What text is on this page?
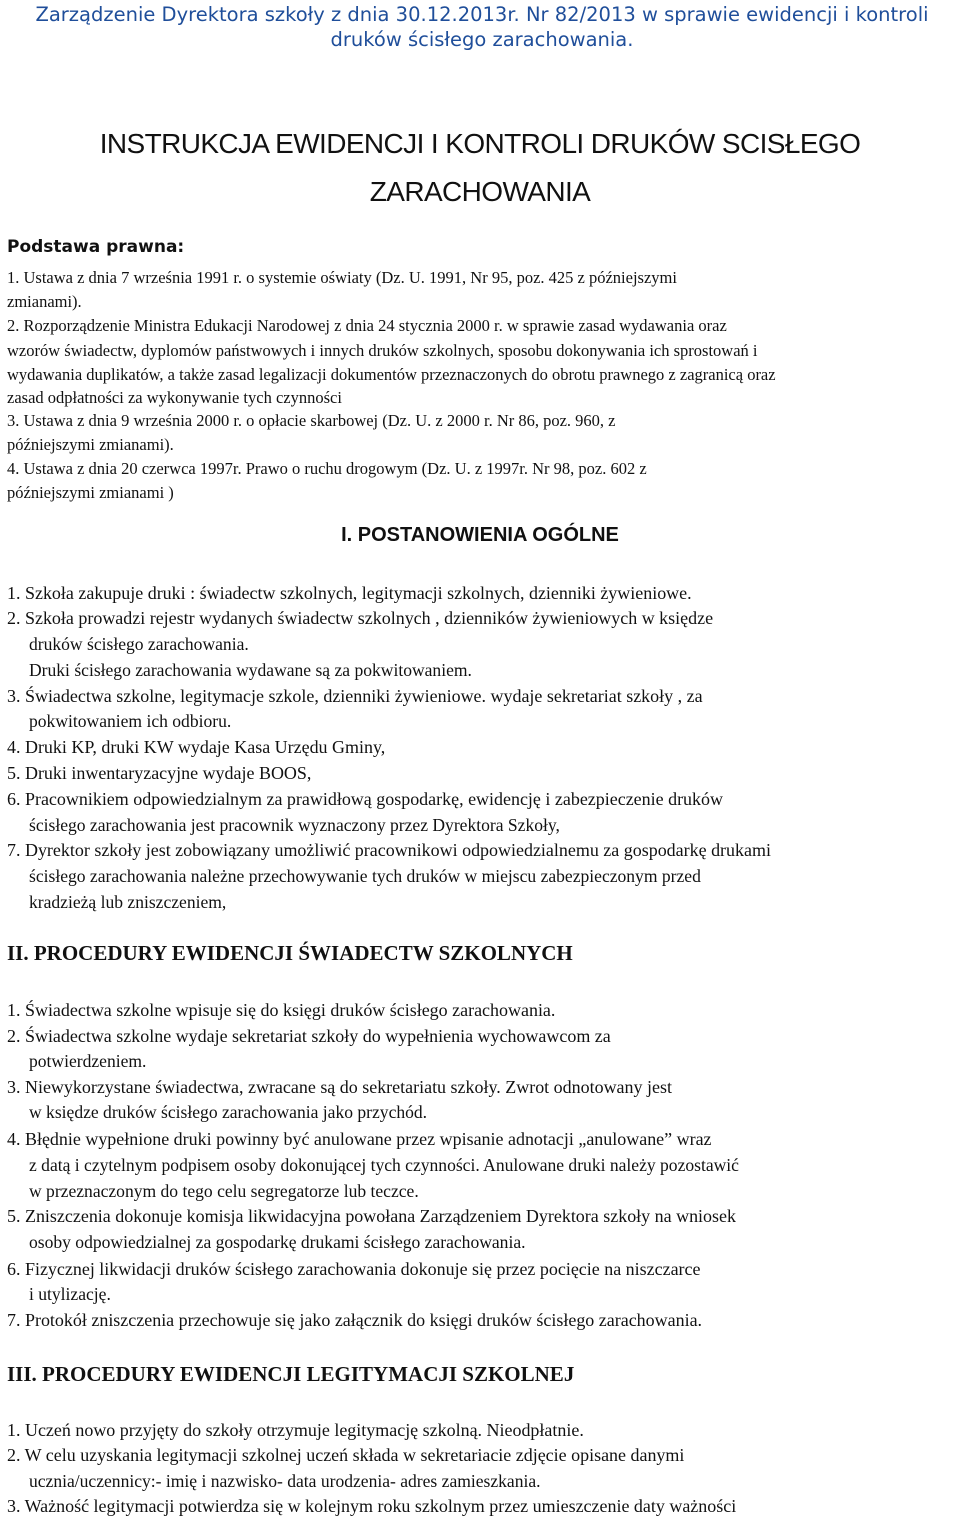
Zarządzenie Dyrektora szkoły z dnia 30.12.2013r. Nr 82/2013 w sprawie ewidencji i kontroli
druków ścisłego zarachowania.
INSTRUKCJA EWIDENCJI I KONTROLI DRUKÓW SCISŁEGO
ZARACHOWANIA
Podstawa prawna:
1. Ustawa z dnia 7 września 1991 r. o systemie oświaty (Dz. U. 1991, Nr 95, poz. 425 z późniejszymi
zmianami).
2. Rozporządzenie Ministra Edukacji Narodowej z dnia 24 stycznia 2000 r. w sprawie zasad wydawania oraz
wzorów świadectw, dyplomów państwowych i innych druków szkolnych, sposobu dokonywania ich sprostowań i
wydawania duplikatów, a także zasad legalizacji dokumentów przeznaczonych do obrotu prawnego z zagranicą oraz
zasad odpłatności za wykonywanie tych czynności
3. Ustawa z dnia 9 września 2000 r. o opłacie skarbowej (Dz. U. z 2000 r. Nr 86, poz. 960, z
późniejszymi zmianami).
4. Ustawa z dnia 20 czerwca 1997r. Prawo o ruchu drogowym (Dz. U. z 1997r. Nr 98, poz. 602 z
późniejszymi zmianami )
I. POSTANOWIENIA OGÓLNE
1. Szkoła zakupuje druki : świadectw szkolnych, legitymacji szkolnych, dzienniki żywieniowe.
2. Szkoła prowadzi rejestr wydanych świadectw szkolnych , dzienników żywieniowych w księdze
druków ścisłego zarachowania.
Druki ścisłego zarachowania wydawane są za pokwitowaniem.
3. Świadectwa szkolne, legitymacje szkole, dzienniki żywieniowe. wydaje sekretariat szkoły , za
pokwitowaniem ich odbioru.
4. Druki KP, druki KW wydaje Kasa Urzędu Gminy,
5. Druki inwentaryzacyjne wydaje BOOS,
6. Pracownikiem odpowiedzialnym za prawidłową gospodarkę, ewidencję i zabezpieczenie druków
ścisłego zarachowania jest pracownik wyznaczony przez Dyrektora Szkoły,
7. Dyrektor szkoły jest zobowiązany umożliwić pracownikowi odpowiedzialnemu za gospodarkę drukami
ścisłego zarachowania należne przechowywanie tych druków w miejscu zabezpieczonym przed
kradzieżą lub zniszczeniem,
II. PROCEDURY EWIDENCJI ŚWIADECTW SZKOLNYCH
1. Świadectwa szkolne wpisuje się do księgi druków ścisłego zarachowania.
2. Świadectwa szkolne wydaje sekretariat szkoły do wypełnienia wychowawcom za
potwierdzeniem.
3. Niewykorzystane świadectwa, zwracane są do sekretariatu szkoły. Zwrot odnotowany jest
w księdze druków ścisłego zarachowania jako przychód.
4. Błędnie wypełnione druki powinny być anulowane przez wpisanie adnotacji „anulowane” wraz
z datą i czytelnym podpisem osoby dokonującej tych czynności. Anulowane druki należy pozostawić
w przeznaczonym do tego celu segregatorze lub teczce.
5. Zniszczenia dokonuje komisja likwidacyjna powołana Zarządzeniem Dyrektora szkoły na wniosek
osoby odpowiedzialnej za gospodarkę drukami ścisłego zarachowania.
6. Fizycznej likwidacji druków ścisłego zarachowania dokonuje się przez pocięcie na niszczarce
i utylizację.
7. Protokół zniszczenia przechowuje się jako załącznik do księgi druków ścisłego zarachowania.
III. PROCEDURY EWIDENCJI LEGITYMACJI SZKOLNEJ
1. Uczeń nowo przyjęty do szkoły otrzymuje legitymację szkolną. Nieodpłatnie.
2. W celu uzyskania legitymacji szkolnej uczeń składa w sekretariacie zdjęcie opisane danymi
ucznia/uczennicy:- imię i nazwisko- data urodzenia- adres zamieszkania.
3. Ważność legitymacji potwierdza się w kolejnym roku szkolnym przez umieszczenie daty ważności
